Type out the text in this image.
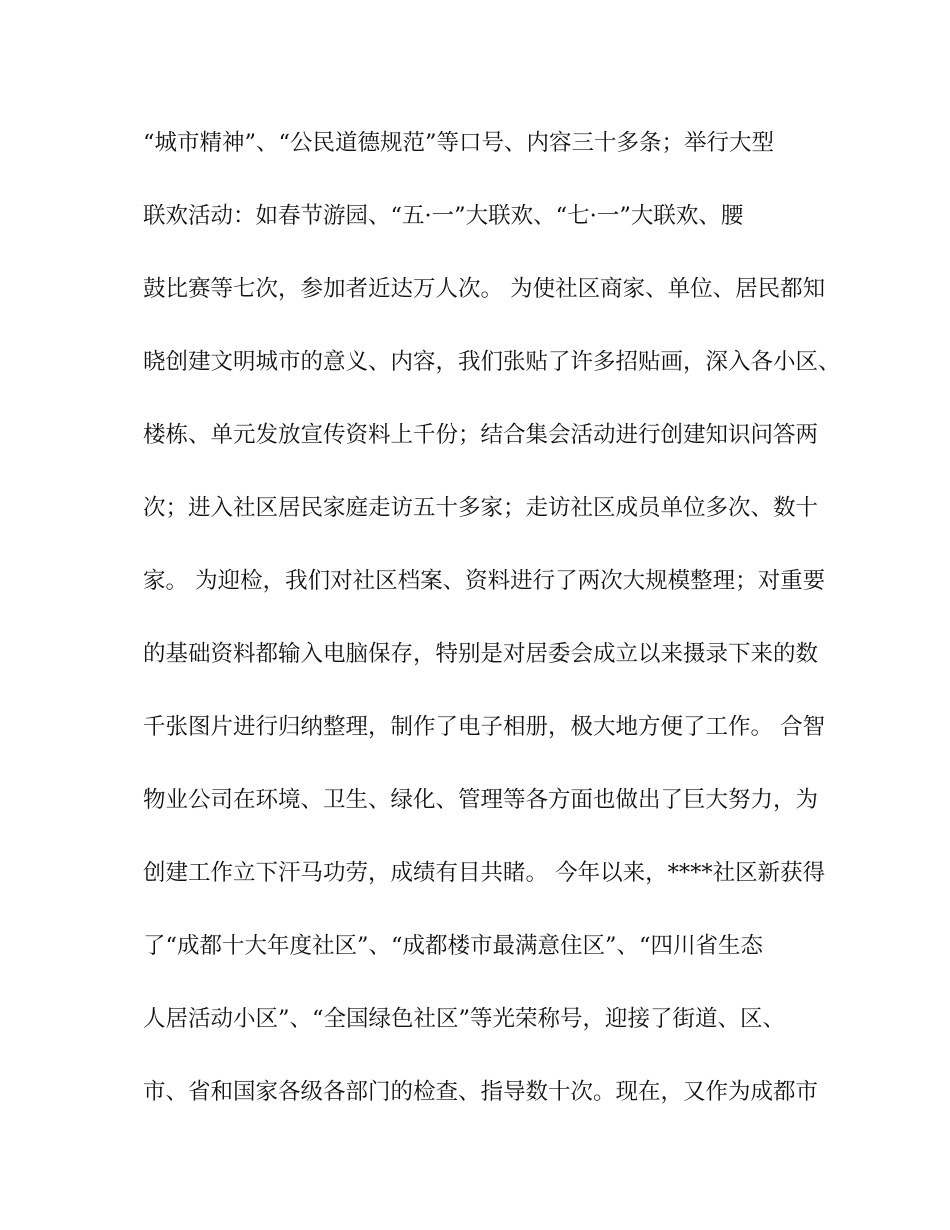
“城市精神”、“公民道德规范”等口号、内容三十多条；举行大型
联欢活动：如春节游园、“五·一”大联欢、“七·一”大联欢、腰
鼓比赛等七次，参加者近达万人次。 为使社区商家、单位、居民都知
晓创建文明城市的意义、内容，我们张贴了许多招贴画，深入各小区、
楼栋、单元发放宣传资料上千份；结合集会活动进行创建知识问答两
次；进入社区居民家庭走访五十多家；走访社区成员单位多次、数十
家。 为迎检，我们对社区档案、资料进行了两次大规模整理；对重要
的基础资料都输入电脑保存，特别是对居委会成立以来摄录下来的数
千张图片进行归纳整理，制作了电子相册，极大地方便了工作。 合智
物业公司在环境、卫生、绿化、管理等各方面也做出了巨大努力，为
创建工作立下汗马功劳，成绩有目共睹。 今年以来，****社区新获得
了“成都十大年度社区”、“成都楼市最满意住区”、“四川省生态
人居活动小区”、“全国绿色社区”等光荣称号，迎接了街道、区、
市、省和国家各级各部门的检查、指导数十次。现在，又作为成都市
